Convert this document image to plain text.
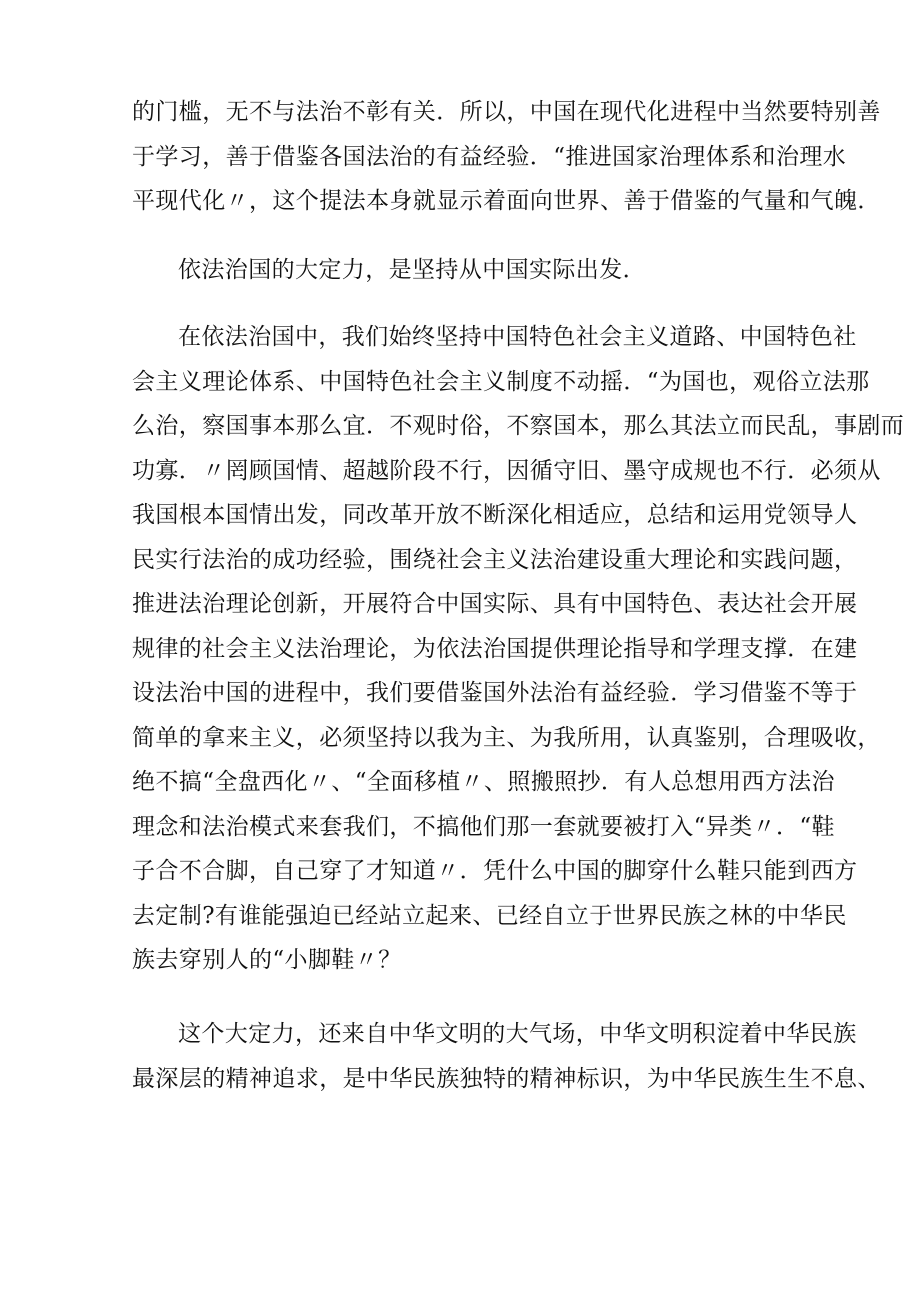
的门槛，无不与法治不彰有关．所以，中国在现代化进程中当然要特别善
于学习，善于借鉴各国法治的有益经验．“推进国家治理体系和治理水
平现代化〃，这个提法本身就显示着面向世界、善于借鉴的气量和气魄．
依法治国的大定力，是坚持从中国实际出发．
在依法治国中，我们始终坚持中国特色社会主义道路、中国特色社
会主义理论体系、中国特色社会主义制度不动摇．“为国也，观俗立法那
么治，察国事本那么宜．不观时俗，不察国本，那么其法立而民乱，事剧而
功寡．〃罔顾国情、超越阶段不行，因循守旧、墨守成规也不行．必须从
我国根本国情出发，同改革开放不断深化相适应，总结和运用党领导人
民实行法治的成功经验，围绕社会主义法治建设重大理论和实践问题，
推进法治理论创新，开展符合中国实际、具有中国特色、表达社会开展
规律的社会主义法治理论，为依法治国提供理论指导和学理支撑．在建
设法治中国的进程中，我们要借鉴国外法治有益经验．学习借鉴不等于
简单的拿来主义，必须坚持以我为主、为我所用，认真鉴别，合理吸收，
绝不搞“全盘西化〃、“全面移植〃、照搬照抄．有人总想用西方法治
理念和法治模式来套我们，不搞他们那一套就要被打入“异类〃．“鞋
子合不合脚，自己穿了才知道〃．凭什么中国的脚穿什么鞋只能到西方
去定制?有谁能强迫已经站立起来、已经自立于世界民族之林的中华民
族去穿别人的“小脚鞋〃？
这个大定力，还来自中华文明的大气场，中华文明积淀着中华民族
最深层的精神追求，是中华民族独特的精神标识，为中华民族生生不息、
